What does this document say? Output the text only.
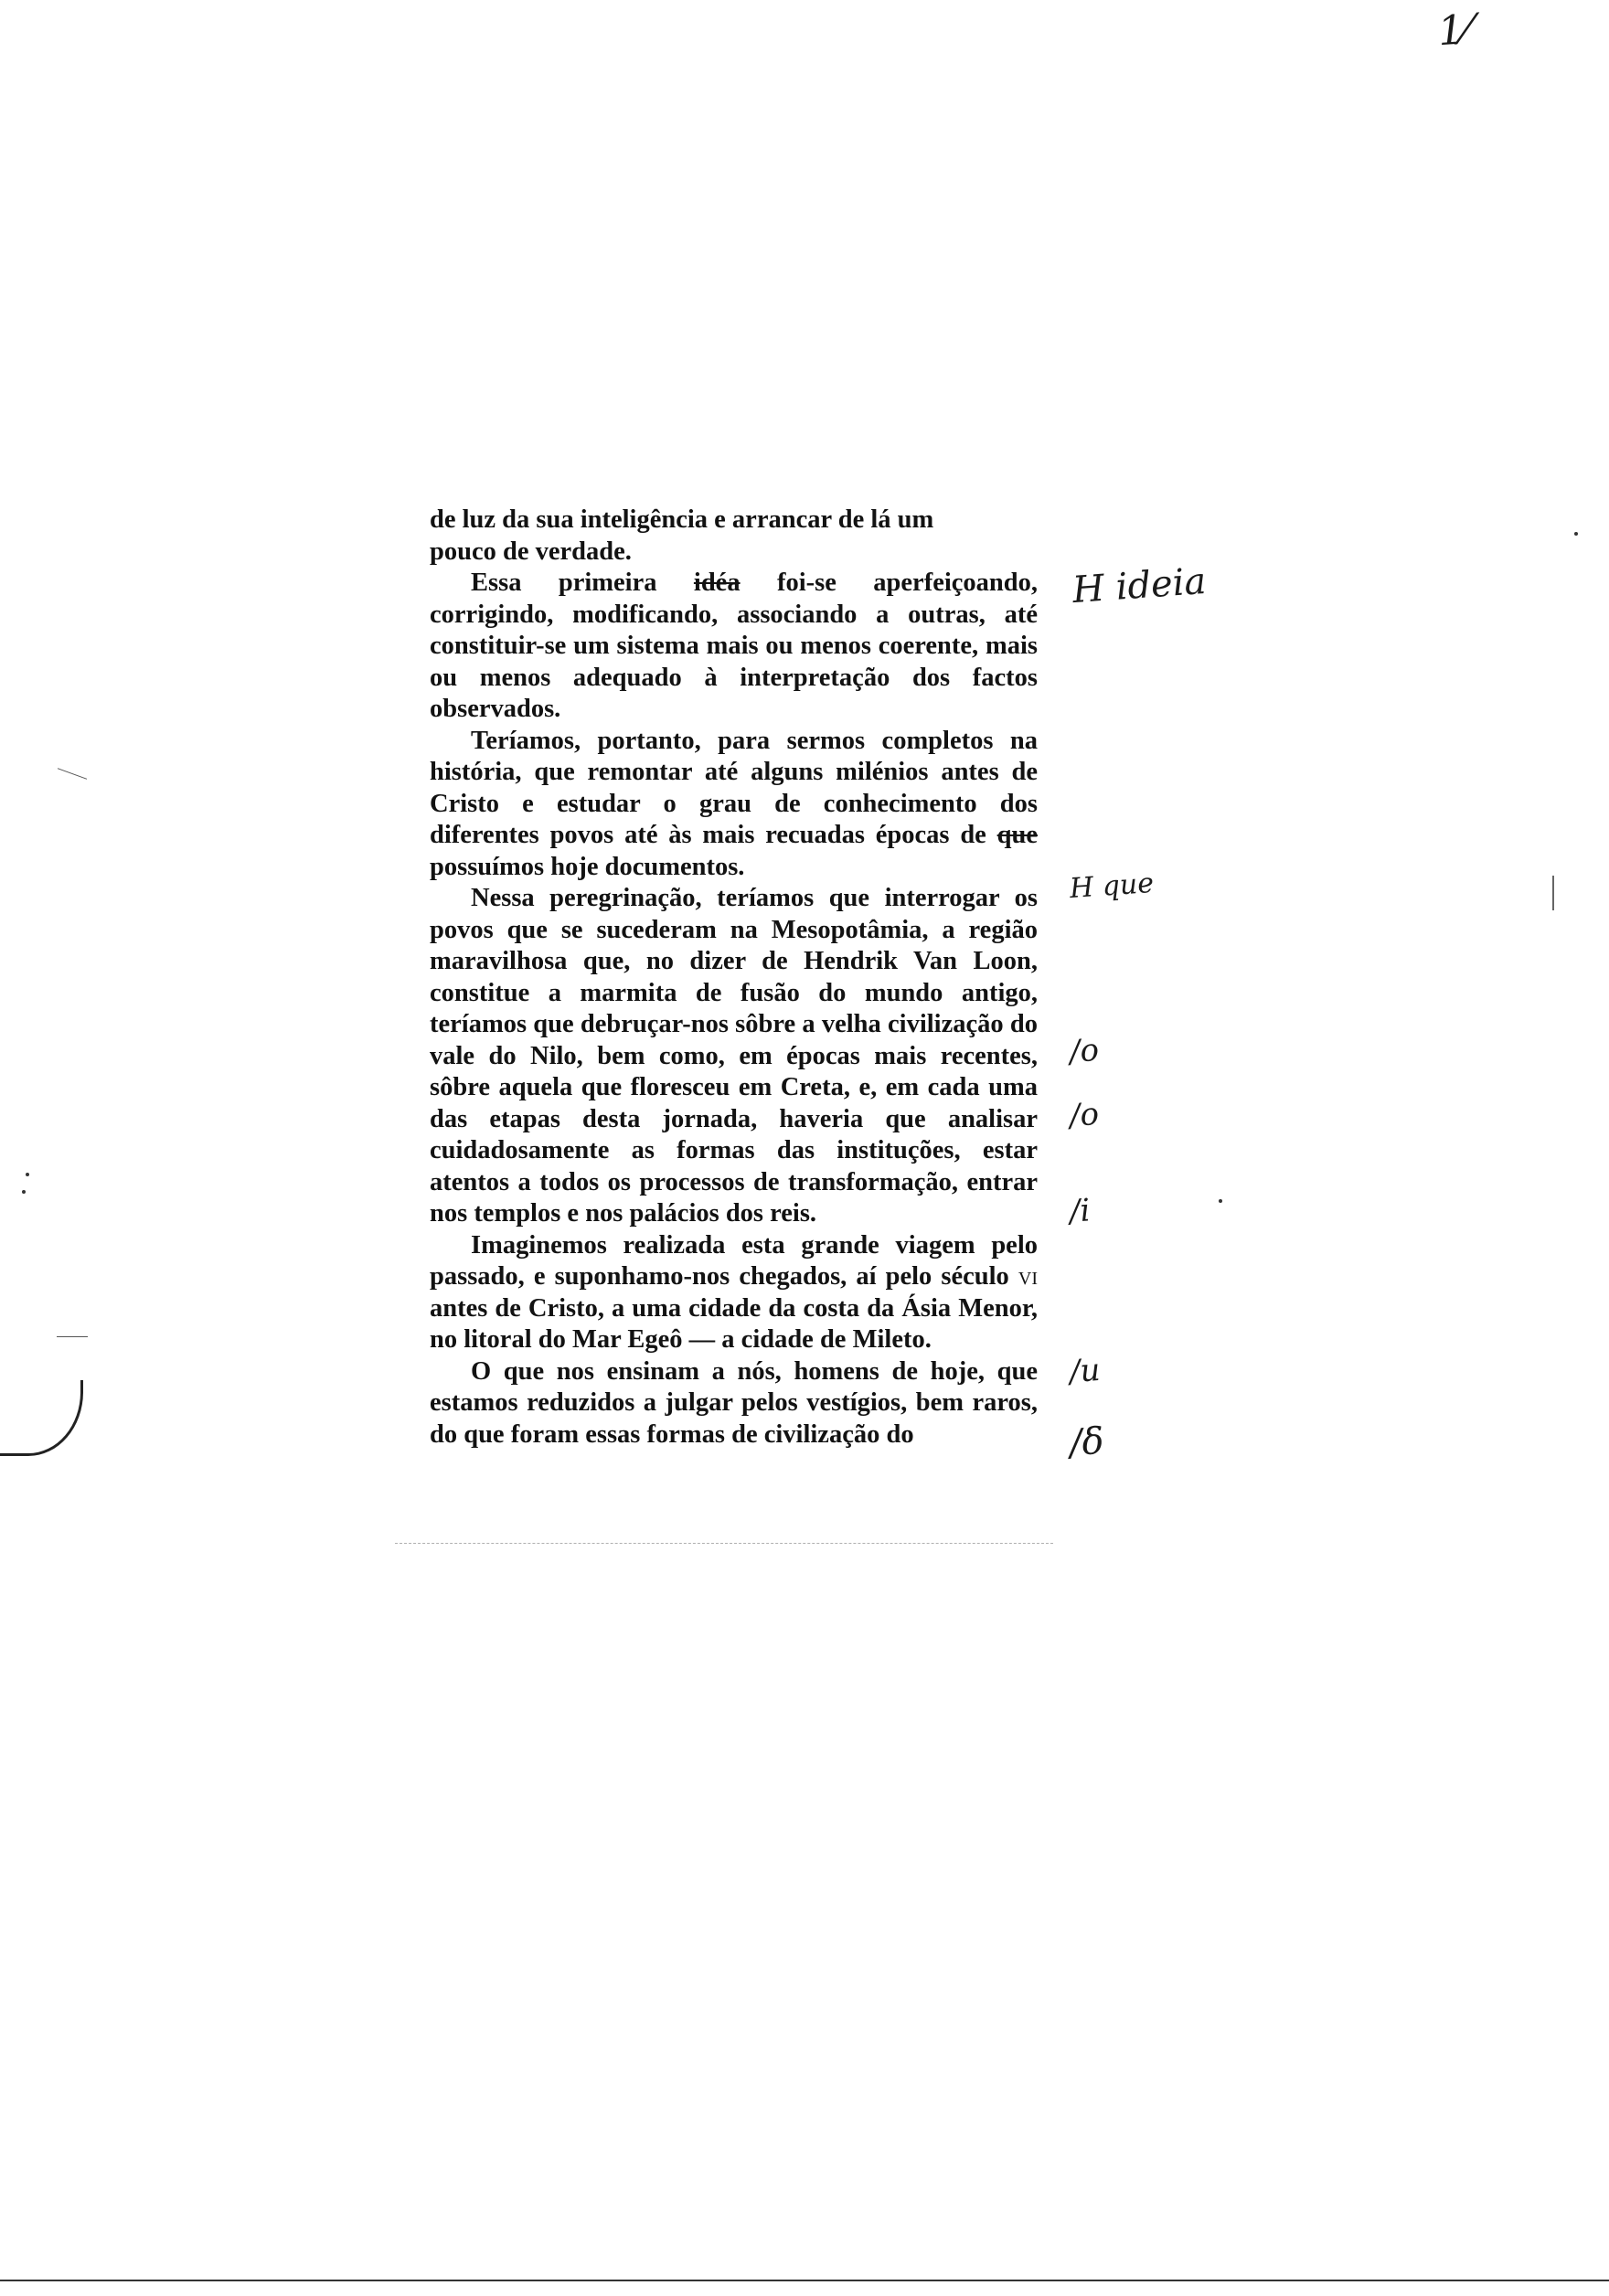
1⁄

de luz da sua inteligência e arrancar de lá um
pouco de verdade.

Essa primeira idéa foi-se aperfeiçoando, corrigindo, modificando, associando a outras, até constituir-se um sistema mais ou menos coerente, mais ou menos adequado à interpretação dos factos observados.

Teríamos, portanto, para sermos completos na história, que remontar até alguns milénios antes de Cristo e estudar o grau de conhecimento dos diferentes povos até às mais recuadas épocas de que possuímos hoje documentos.

Nessa peregrinação, teríamos que interrogar os povos que se sucederam na Mesopotâmia, a região maravilhosa que, no dizer de Hendrik Van Loon, constitue a marmita de fusão do mundo antigo, teríamos que debruçar-nos sôbre a velha civilização do vale do Nilo, bem como, em épocas mais recentes, sôbre aquela que floresceu em Creta, e, em cada uma das etapas desta jornada, haveria que analisar cuidadosamente as formas das instituções, estar atentos a todos os processos de transformação, entrar nos templos e nos palácios dos reis.

Imaginemos realizada esta grande viagem pelo passado, e suponhamo-nos chegados, aí pelo século vi antes de Cristo, a uma cidade da costa da Ásia Menor, no litoral do Mar Egeô — a cidade de Mileto.

O que nos ensinam a nós, homens de hoje, que estamos reduzidos a julgar pelos vestígios, bem raros, do que foram essas formas de civilização do

H ideia
H que
/o
/o
/i
/u
/δ
